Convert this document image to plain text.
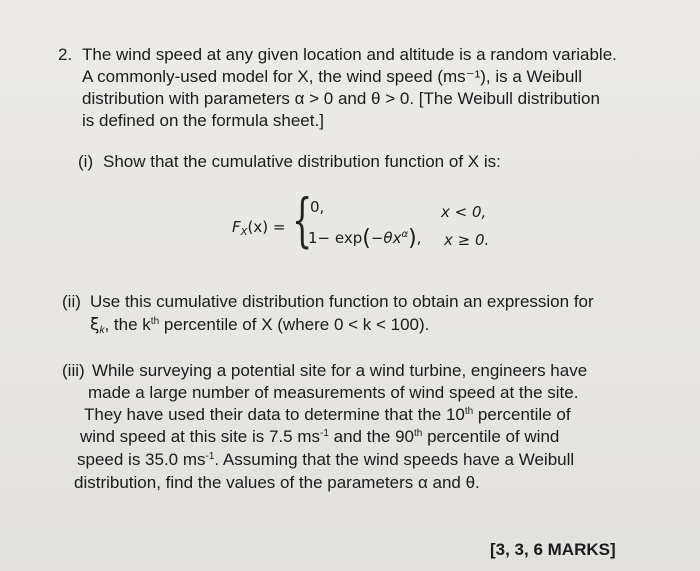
2. The wind speed at any given location and altitude is a random variable.
A commonly-used model for X, the wind speed (ms⁻¹), is a Weibull
distribution with parameters α > 0 and θ > 0. [The Weibull distribution
is defined on the formula sheet.]
(i) Show that the cumulative distribution function of X is:
$F_X(x)$ = {
0,	x < 0,
$1- \exp(-\theta x^\alpha)$, x ≥ 0.
(ii) Use this cumulative distribution function to obtain an expression for
$\xi_k$, the $k^{th}$ percentile of X (where 0 < k < 100).
(iii) While surveying a potential site for a wind turbine, engineers have
made a large number of measurements of wind speed at the site.
They have used their data to determine that the 10th percentile of
wind speed at this site is 7.5 $ms^{-1}$ and the 90th percentile of wind
speed is 35.0 $ms^{-1}$. Assuming that the wind speeds have a Weibull
distribution, find the values of the parameters α and θ.
[3, 3, 6 MARKS]
